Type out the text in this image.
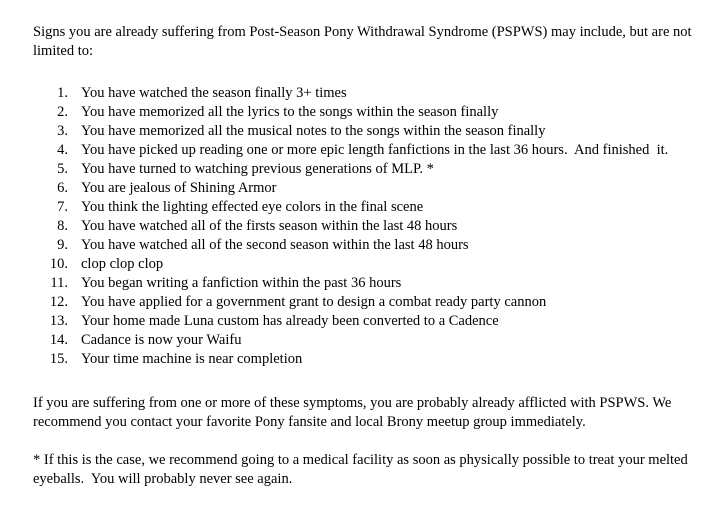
Signs you are already suffering from Post-Season Pony Withdrawal Syndrome (PSPWS) may include, but are not limited to:

1. You have watched the season finally 3+ times
2. You have memorized all the lyrics to the songs within the season finally
3. You have memorized all the musical notes to the songs within the season finally
4. You have picked up reading one or more epic length fanfictions in the last 36 hours.  And finished  it.
5. You have turned to watching previous generations of MLP. *
6. You are jealous of Shining Armor
7. You think the lighting effected eye colors in the final scene
8. You have watched all of the firsts season within the last 48 hours
9. You have watched all of the second season within the last 48 hours
10. clop clop clop
11. You began writing a fanfiction within the past 36 hours
12. You have applied for a government grant to design a combat ready party cannon
13. Your home made Luna custom has already been converted to a Cadence
14. Cadance is now your Waifu
15. Your time machine is near completion

If you are suffering from one or more of these symptoms, you are probably already afflicted with PSPWS. We recommend you contact your favorite Pony fansite and local Brony meetup group immediately.

* If this is the case, we recommend going to a medical facility as soon as physically possible to treat your melted eyeballs.  You will probably never see again.
